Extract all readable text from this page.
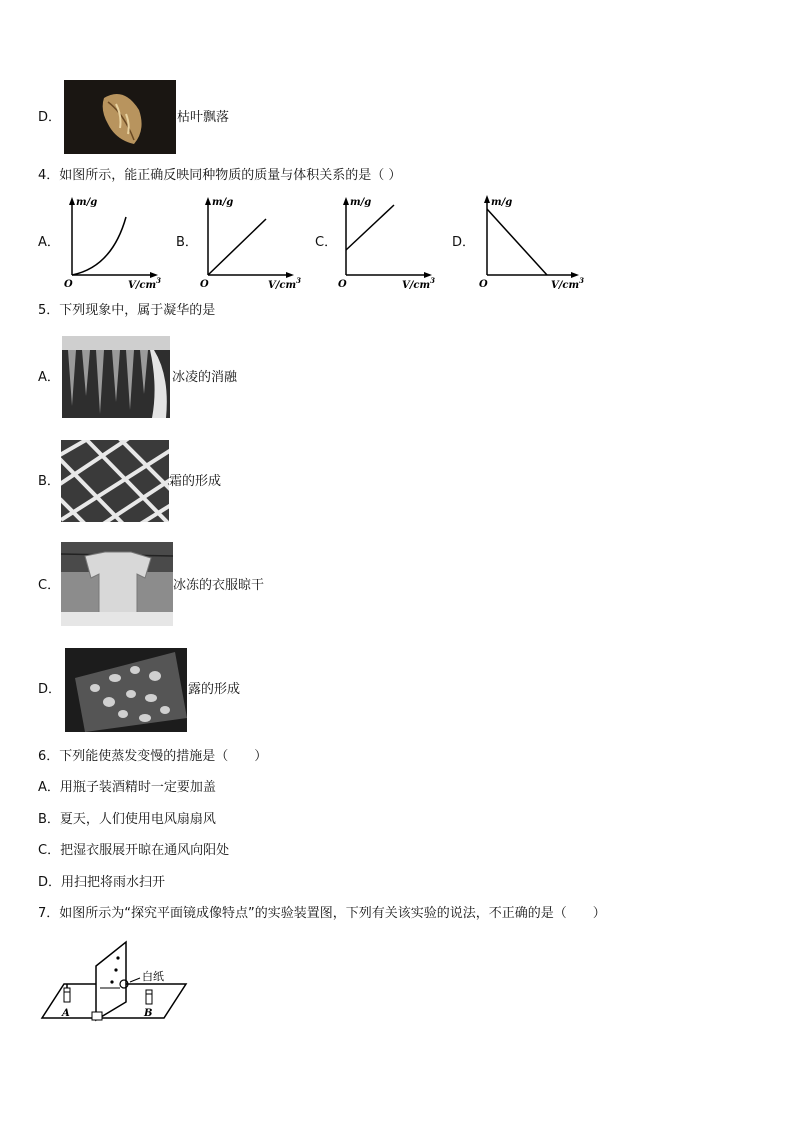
D．	枯叶飘落
4．如图所示，能正确反映同种物质的质量与体积关系的是（ ）
A．
m/g
O	$V/cm^3$
B．
m/g
O	$V/cm^3$
C．
m/g
O	$V/cm^3$
D．
m/g
O	$V/cm^3$
5．下列现象中，属于凝华的是
A．	冰凌的消融
B．	霜的形成
C．	冰冻的衣服晾干
D．	露的形成
6．下列能使蒸发变慢的措施是（　　）
A．用瓶子装酒精时一定要加盖
B．夏天，人们使用电风扇扇风
C．把湿衣服展开晾在通风向阳处
D．用扫把将雨水扫开
7．如图所示为“探究平面镜成像特点”的实验装置图，下列有关该实验的说法，不正确的是（　　）
白纸
A	B
